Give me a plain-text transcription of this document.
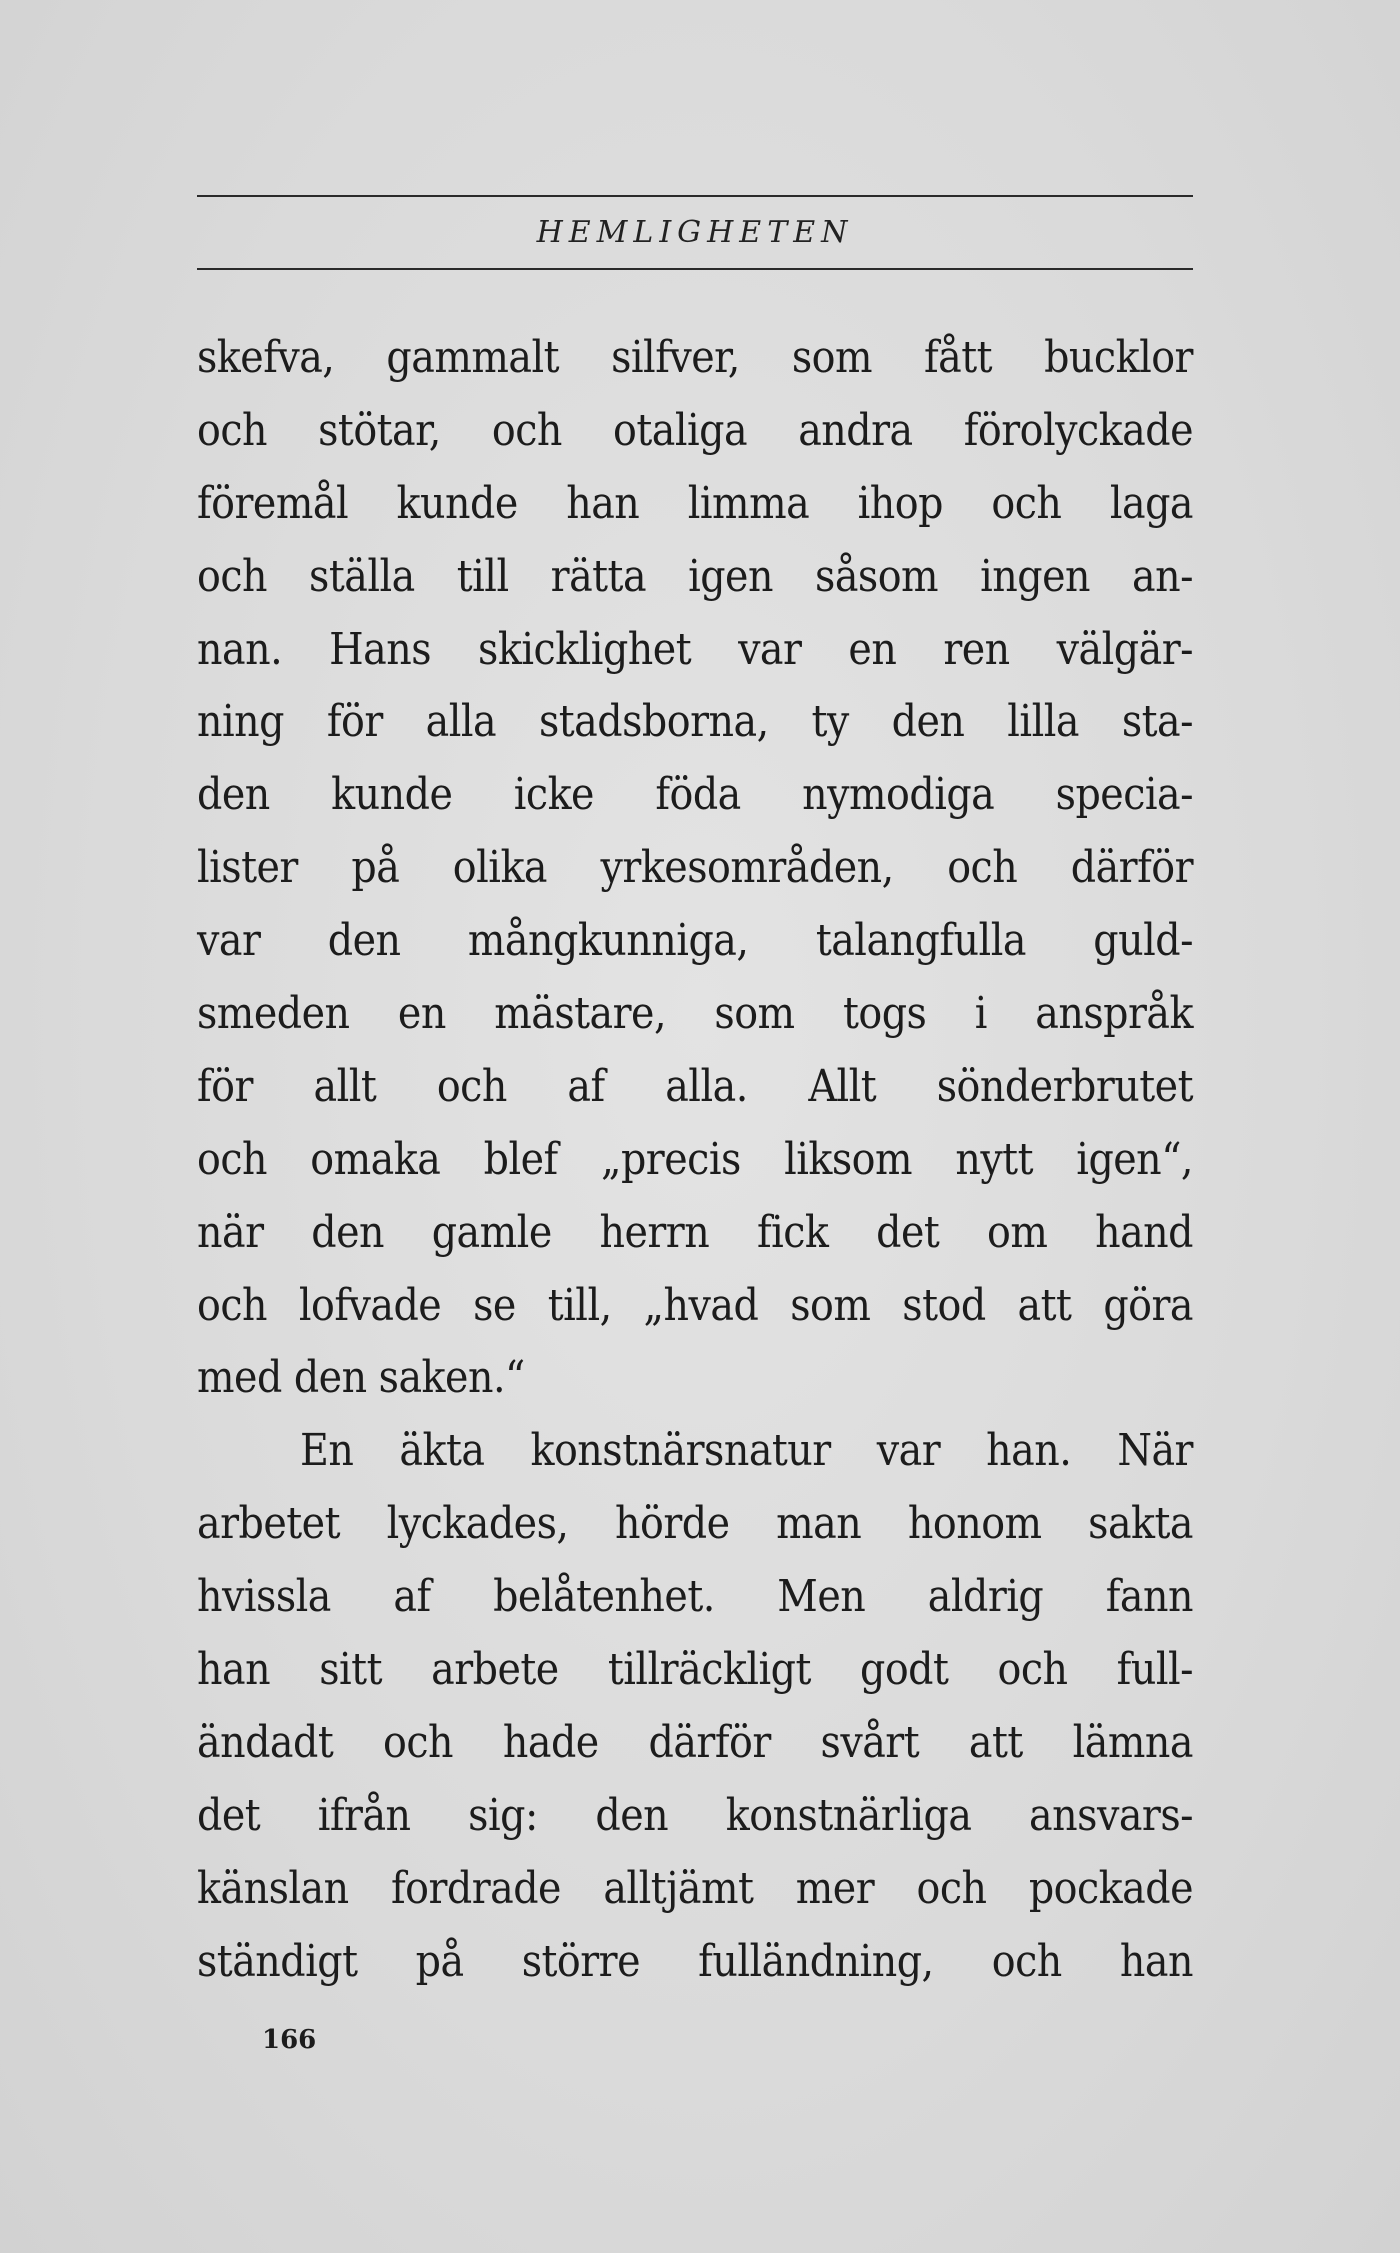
HEMLIGHETEN
skefva, gammalt silfver, som fått bucklor
och stötar, och otaliga andra förolyckade
föremål kunde han limma ihop och laga
och ställa till rätta igen såsom ingen an-
nan. Hans skicklighet var en ren välgär-
ning för alla stadsborna, ty den lilla sta-
den kunde icke föda nymodiga specia-
lister på olika yrkesområden, och därför
var den mångkunniga, talangfulla guld-
smeden en mästare, som togs i anspråk
för allt och af alla. Allt sönderbrutet
och omaka blef „precis liksom nytt igen“,
när den gamle herrn fick det om hand
och lofvade se till, „hvad som stod att göra
med den saken.“
En äkta konstnärsnatur var han. När
arbetet lyckades, hörde man honom sakta
hvissla af belåtenhet. Men aldrig fann
han sitt arbete tillräckligt godt och full-
ändadt och hade därför svårt att lämna
det ifrån sig: den konstnärliga ansvars-
känslan fordrade alltjämt mer och pockade
ständigt på större fulländning, och han
166
